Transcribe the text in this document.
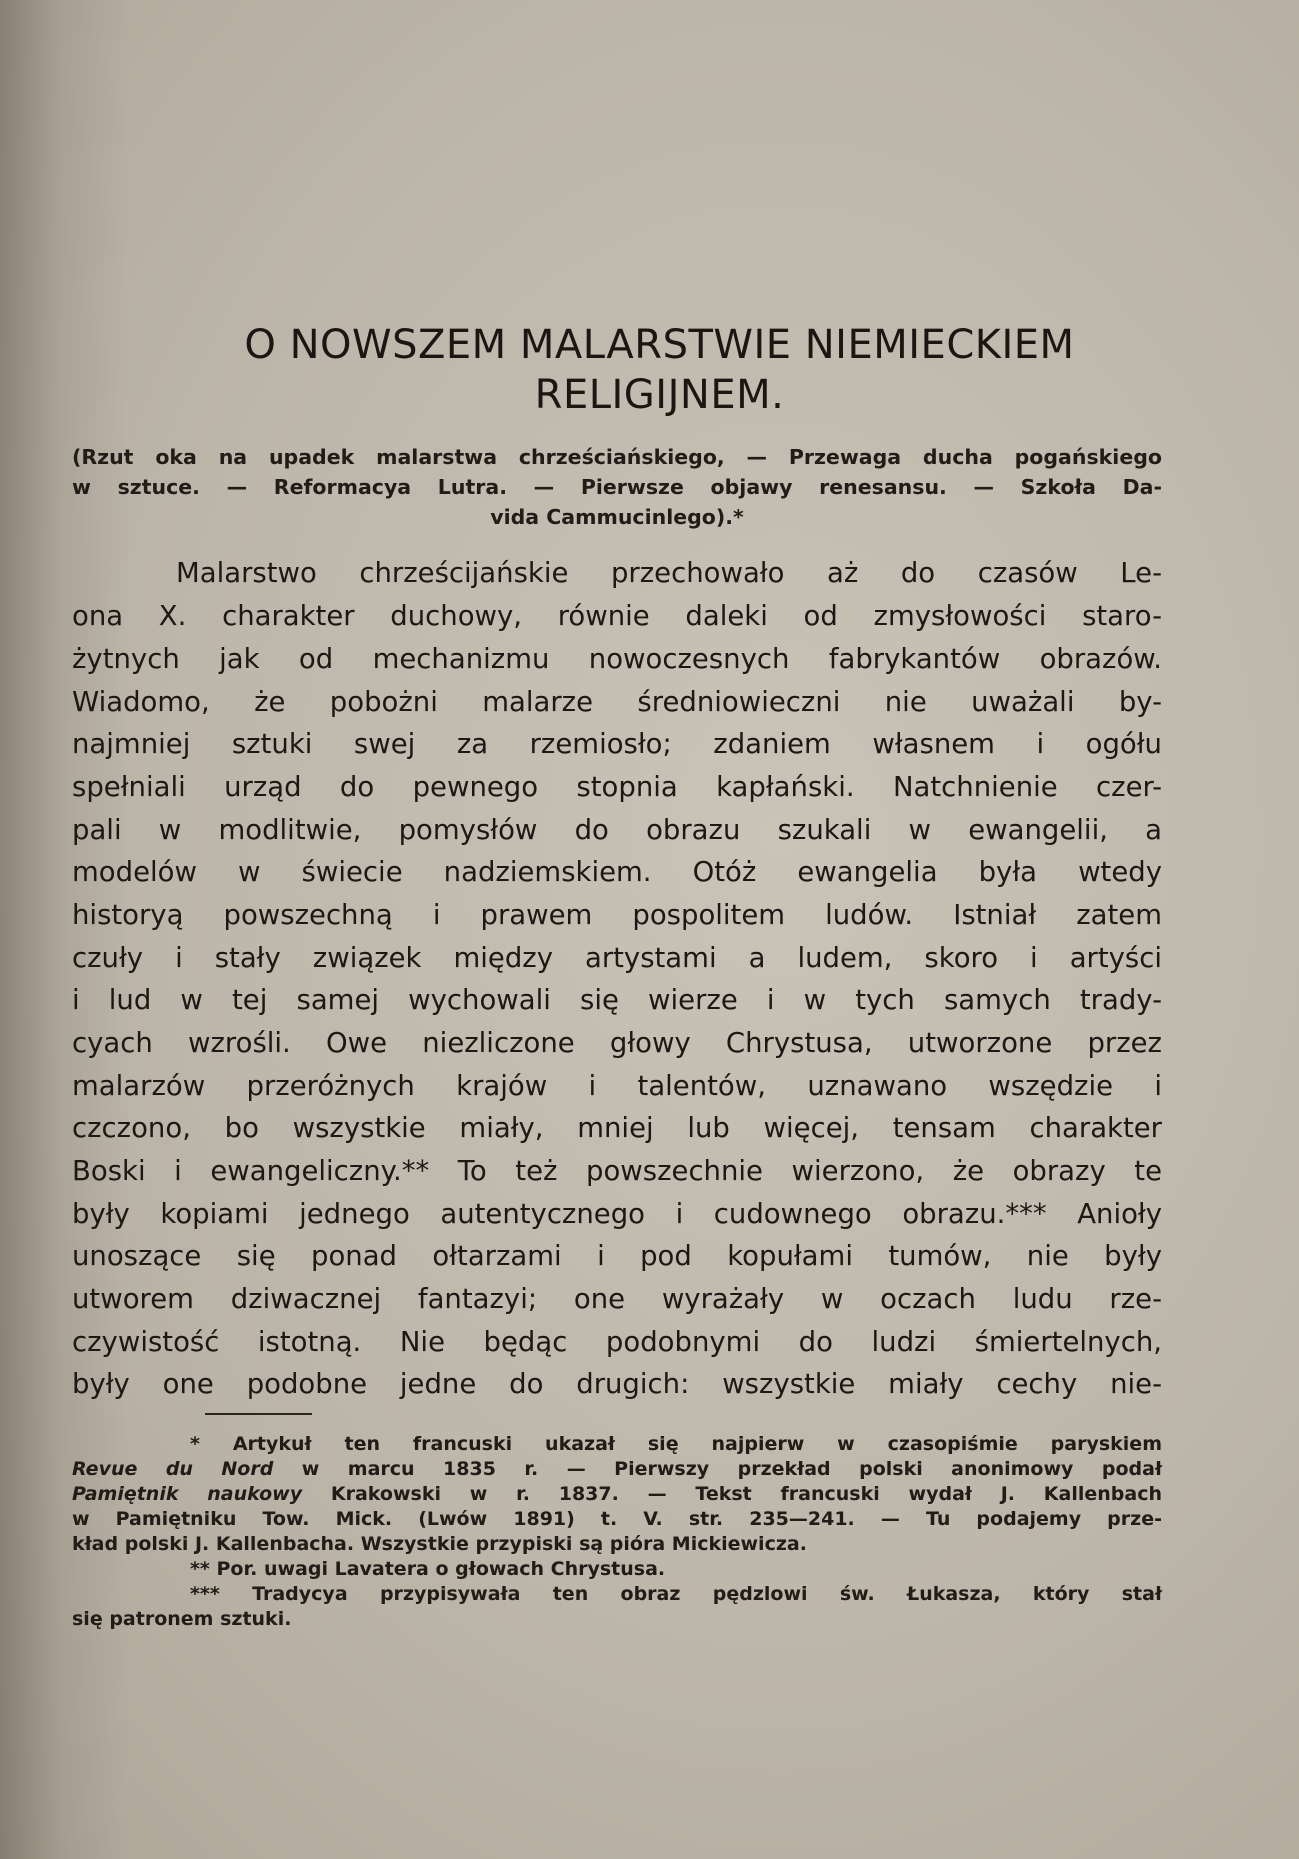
O NOWSZEM MALARSTWIE NIEMIECKIEM
RELIGIJNEM.

(Rzut oka na upadek malarstwa chrześciańskiego, — Przewaga ducha pogańskiego

w sztuce. — Reformacya Lutra. — Pierwsze objawy renesansu. — Szkoła Da-

vida Cammucinlego).*

Malarstwo chrześcijańskie przechowało aż do czasów Le-

ona X. charakter duchowy, równie daleki od zmysłowości staro-

żytnych jak od mechanizmu nowoczesnych fabrykantów obrazów.

Wiadomo, że pobożni malarze średniowieczni nie uważali by-

najmniej sztuki swej za rzemiosło; zdaniem własnem i ogółu

spełniali urząd do pewnego stopnia kapłański. Natchnienie czer-

pali w modlitwie, pomysłów do obrazu szukali w ewangelii, a

modelów w świecie nadziemskiem. Otóż ewangelia była wtedy

historyą powszechną i prawem pospolitem ludów. Istniał zatem

czuły i stały związek między artystami a ludem, skoro i artyści

i lud w tej samej wychowali się wierze i w tych samych trady-

cyach wzrośli. Owe niezliczone głowy Chrystusa, utworzone przez

malarzów przeróżnych krajów i talentów, uznawano wszędzie i

czczono, bo wszystkie miały, mniej lub więcej, tensam charakter

Boski i ewangeliczny.** To też powszechnie wierzono, że obrazy te

były kopiami jednego autentycznego i cudownego obrazu.*** Anioły

unoszące się ponad ołtarzami i pod kopułami tumów, nie były

utworem dziwacznej fantazyi; one wyrażały w oczach ludu rze-

czywistość istotną. Nie będąc podobnymi do ludzi śmiertelnych,

były one podobne jedne do drugich: wszystkie miały cechy nie-

* Artykuł ten francuski ukazał się najpierw w czasopiśmie paryskiem

Revue du Nord w marcu 1835 r. — Pierwszy przekład polski anonimowy podał

Pamiętnik naukowy Krakowski w r. 1837. — Tekst francuski wydał J. Kallenbach

w Pamiętniku Tow. Mick. (Lwów 1891) t. V. str. 235—241. — Tu podajemy prze-

kład polski J. Kallenbacha. Wszystkie przypiski są pióra Mickiewicza.

** Por. uwagi Lavatera o głowach Chrystusa.

*** Tradycya przypisywała ten obraz pędzlowi św. Łukasza, który stał

się patronem sztuki.
